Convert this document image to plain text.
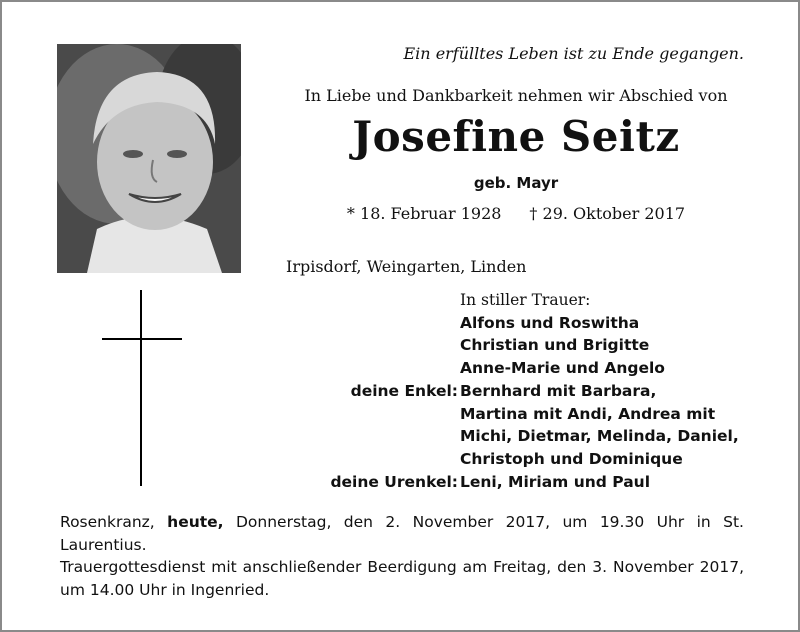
Ein erfülltes Leben ist zu Ende gegangen.
In Liebe und Dankbarkeit nehmen wir Abschied von
Josefine Seitz
geb. Mayr
* 18. Februar 1928 † 29. Oktober 2017
Irpisdorf, Weingarten, Linden
In stiller Trauer:
Alfons und Roswitha
Christian und Brigitte
Anne-Marie und Angelo
deine Enkel: Bernhard mit Barbara,
Martina mit Andi, Andrea mit
Michi, Dietmar, Melinda, Daniel,
Christoph und Dominique
deine Urenkel: Leni, Miriam und Paul

Rosenkranz, heute, Donnerstag, den 2. November 2017, um 19.30 Uhr in St. Laurentius.

Trauergottesdienst mit anschließender Beerdigung am Freitag, den 3. November 2017, um 14.00 Uhr in Ingenried.
